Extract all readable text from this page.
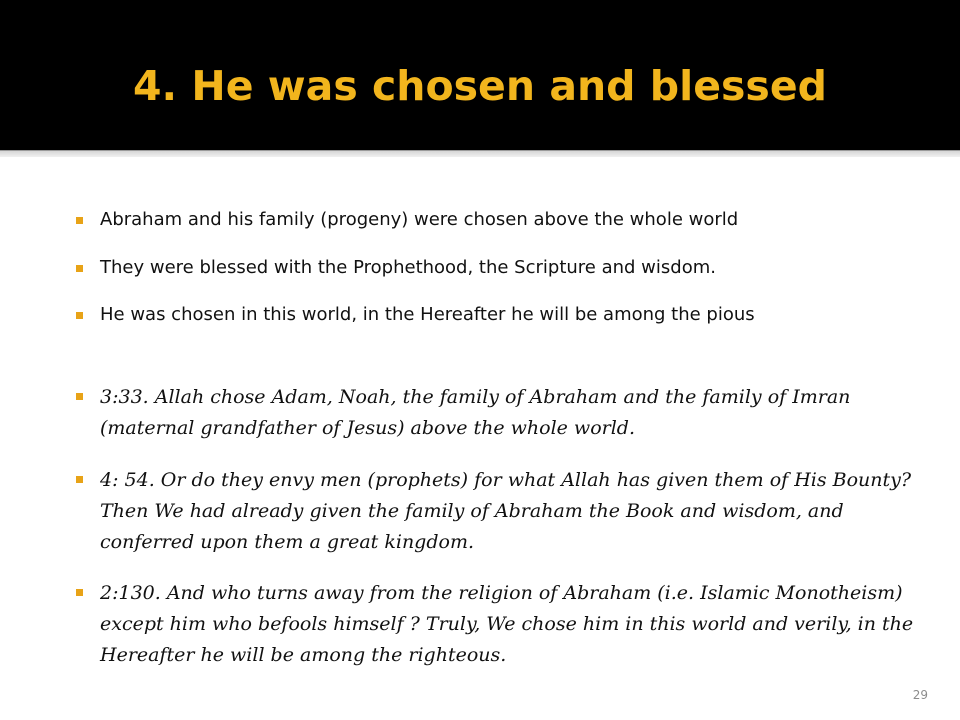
4. He was chosen and blessed
Abraham and his family (progeny) were chosen above the whole world
They were blessed with the Prophethood, the Scripture and wisdom.
He was chosen in this world, in the Hereafter he will be among the pious
3:33. Allah chose Adam, Noah, the family of Abraham and the family of Imran (maternal grandfather of Jesus) above the whole world.
4: 54. Or do they envy men (prophets) for what Allah has given them of His Bounty? Then We had already given the family of Abraham the Book and wisdom, and conferred upon them a great kingdom.
2:130. And who turns away from the religion of Abraham (i.e. Islamic Monotheism) except him who befools himself ? Truly, We chose him in this world and verily, in the Hereafter he will be among the righteous.
29
